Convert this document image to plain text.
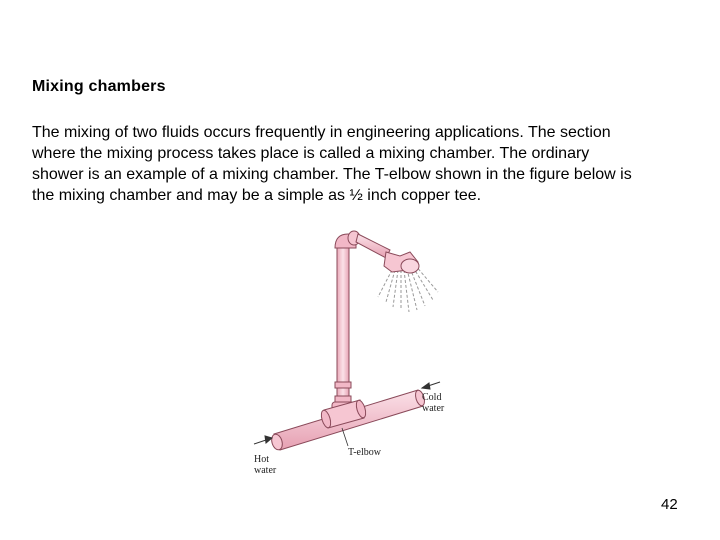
Mixing chambers
The mixing of two fluids occurs frequently in engineering applications. The section
where the mixing process takes place is called a mixing chamber. The ordinary
shower is an example of a mixing chamber. The T-elbow shown in the figure below is
the mixing chamber and may be a simple as ½ inch copper tee.
Cold
water
Hot
water
T-elbow
42
